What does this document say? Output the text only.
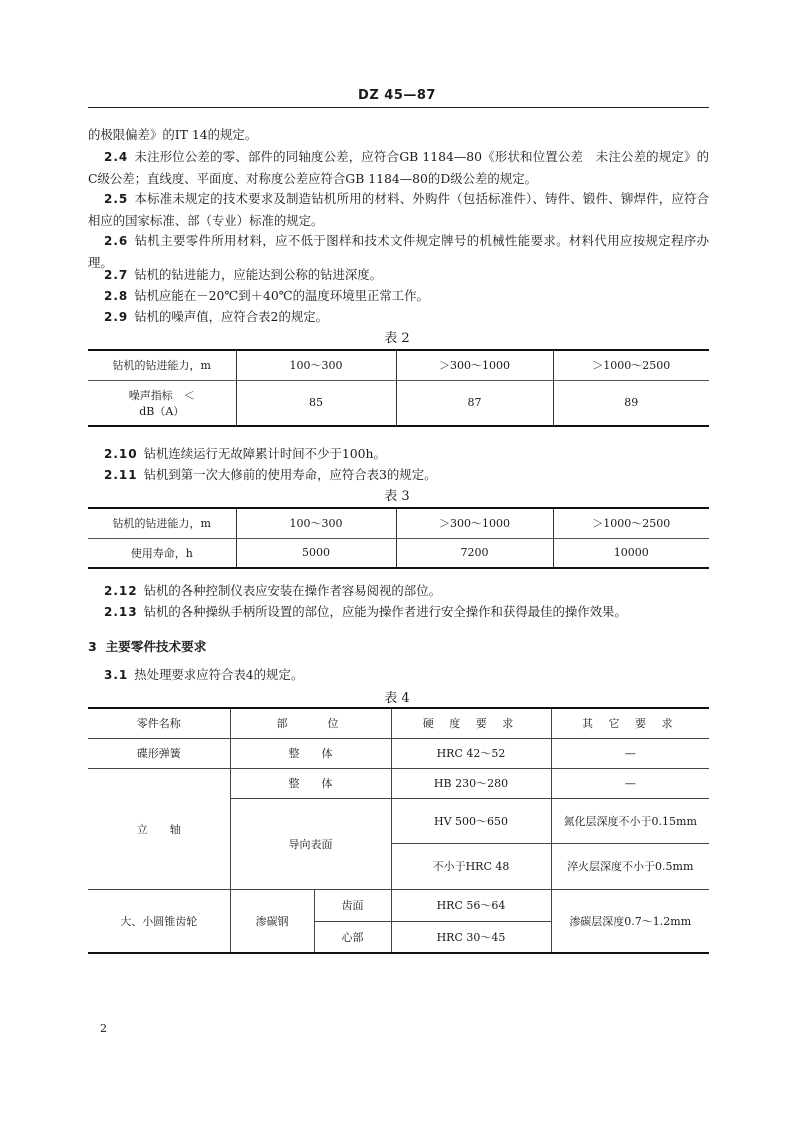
DZ 45—87
的极限偏差》的IT 14的规定。
2.4 未注形位公差的零、部件的同轴度公差，应符合GB 1184—80《形状和位置公差　未注公差的规定》的C级公差；直线度、平面度、对称度公差应符合GB 1184—80的D级公差的规定。
2.5 本标准未规定的技术要求及制造钻机所用的材料、外购件（包括标准件）、铸件、锻件、铆焊件，应符合相应的国家标准、部（专业）标准的规定。
2.6 钻机主要零件所用材料，应不低于图样和技术文件规定牌号的机械性能要求。材料代用应按规定程序办理。
2.7 钻机的钻进能力，应能达到公称的钻进深度。
2.8 钻机应能在－20℃到＋40℃的温度环境里正常工作。
2.9 钻机的噪声值，应符合表2的规定。
表 2
钻机的钻进能力，m	100～300	＞300～1000	＞1000～2500

噪声指标　＜
dB（A）	85	87	89
2.10 钻机连续运行无故障累计时间不少于100h。
2.11 钻机到第一次大修前的使用寿命，应符合表3的规定。
表 3
钻机的钻进能力，m	100～300	＞300～1000	＞1000～2500
使用寿命，h	5000	7200	10000
2.12 钻机的各种控制仪表应安装在操作者容易阅视的部位。
2.13 钻机的各种操纵手柄所设置的部位，应能为操作者进行安全操作和获得最佳的操作效果。
3 主要零件技术要求
3.1 热处理要求应符合表4的规定。
表 4
零件名称	部　　位		硬 度 要 求	其 它 要 求
碟形弹簧	整　　体		HRC 42～52	—
立　　轴	整　　体		HB 230～280	—
	导向表面		HV 500～650	氮化层深度不小于0.15mm
			不小于HRC 48	淬火层深度不小于0.5mm
大、小圆锥齿轮	渗碳钢	齿面	HRC 56～64	渗碳层深度0.7～1.2mm
		心部	HRC 30～45	
2
